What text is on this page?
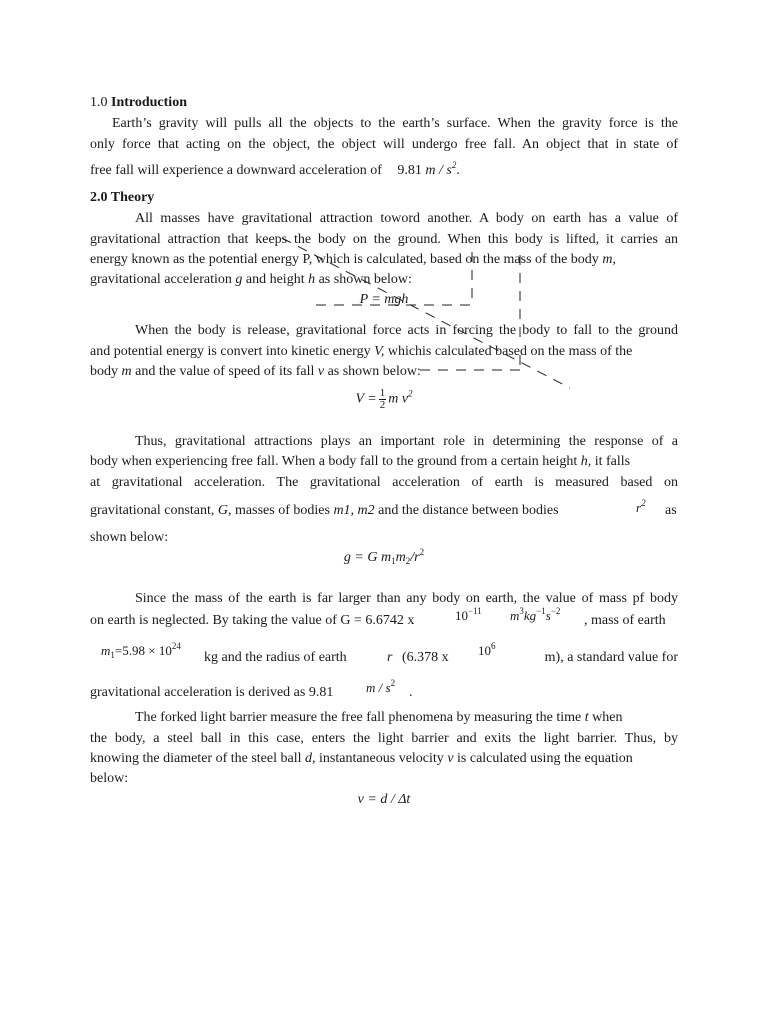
1.0 Introduction
Earth’s gravity will pulls all the objects to the earth’s surface. When the gravity force is the
only force that acting on the object, the object will undergo free fall. An object that in state of
free fall will experience a downward acceleration of 9.81 m / $s^2$.
2.0 Theory
All masses have gravitational attraction toword another. A body on earth has a value of
gravitational attraction that keeps the body on the ground. When this body is lifted, it carries an
energy known as the potential energy P, which is calculated, based on the mass of the body m,
gravitational acceleration g and height h as shown below:
P = mgh
When the body is release, gravitational force acts in forcing the body to fall to the ground
and potential energy is convert into kinetic energy V, whichis calculated based on the mass of the
body m and the value of speed of its fall v as shown below:
$V = \frac{1}{2}$ m $v^2$
Thus, gravitational attractions plays an important role in determining the response of a
body when experiencing free fall. When a body fall to the ground from a certain height h, it falls
at gravitational acceleration. The gravitational acceleration of earth is measured based on
gravitational constant, G, masses of bodies m1, m2 and the distance between bodies	$r^2$ as
shown below:
g = G $m_1m_2/r^2$
Since the mass of the earth is far larger than any body on earth, the value of mass pf body
on earth is neglected. By taking the value of G = 6.6742 x	$10^{-11}$ $m^3kg^{-1}s^{-2}$
, mass of earth
$m_1=5.98 \times 10^{24}$
kg and the radius of earth	r (6.378 x	$10^6$
m), a standard value for
gravitational acceleration is derived as 9.81	m / $s^2$
.
The forked light barrier measure the free fall phenomena by measuring the time t when
the body, a steel ball in this case, enters the light barrier and exits the light barrier. Thus, by
knowing the diameter of the steel ball d, instantaneous velocity v is calculated using the equation
below:
v = d / Δt
